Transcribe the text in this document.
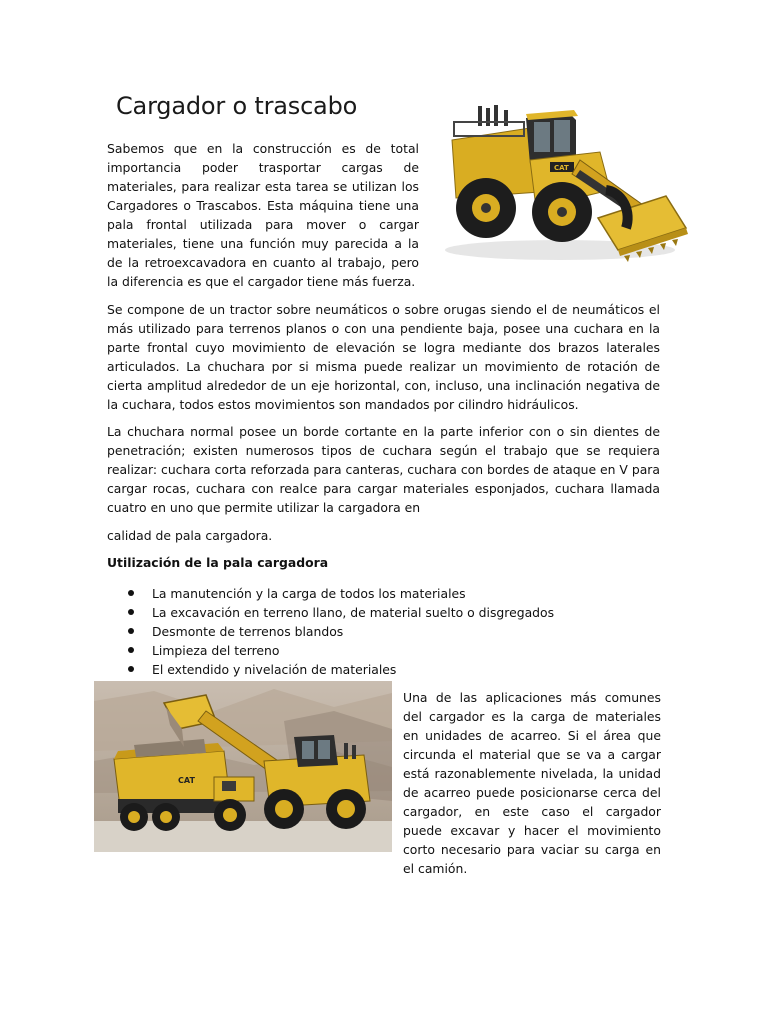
Cargador o trascabo
CAT

Sabemos que en la construcción es de total importancia poder trasportar cargas de materiales, para realizar esta tarea se utilizan los Cargadores o Trascabos. Esta máquina tiene una pala frontal utilizada para mover o cargar materiales, tiene una función muy parecida a la de la retroexcavadora en cuanto al trabajo, pero la diferencia es que el cargador tiene más fuerza.

Se compone de un tractor sobre neumáticos o sobre orugas siendo el de neumáticos el más utilizado para terrenos planos o con una pendiente baja, posee una cuchara en la parte frontal cuyo movimiento de elevación se logra mediante dos brazos laterales articulados. La chuchara por si misma puede realizar un movimiento de rotación de cierta amplitud alrededor de un eje horizontal, con, incluso, una inclinación negativa de la cuchara, todos estos movimientos son mandados por cilindro hidráulicos.

La chuchara normal posee un borde cortante en la parte inferior con o sin dientes de penetración; existen numerosos tipos de cuchara según el trabajo que se requiera realizar: cuchara corta reforzada para canteras, cuchara con bordes de ataque en V para cargar rocas, cuchara con realce para cargar materiales esponjados, cuchara llamada cuatro en uno que permite utilizar la cargadora en

calidad de pala cargadora.

Utilización de la pala cargadora
La manutención y la carga de todos los materiales
La excavación en terreno llano, de material suelto o disgregados
Desmonte de terrenos blandos
Limpieza del terreno
El extendido y nivelación de materiales
CAT

Una de las aplicaciones más comunes del cargador es la carga de materiales en unidades de acarreo. Si el área que circunda el material que se va a cargar está razonablemente nivelada, la unidad de acarreo puede posicionarse cerca del cargador, en este caso el cargador puede excavar y hacer el movimiento corto necesario para vaciar su carga en el camión.
